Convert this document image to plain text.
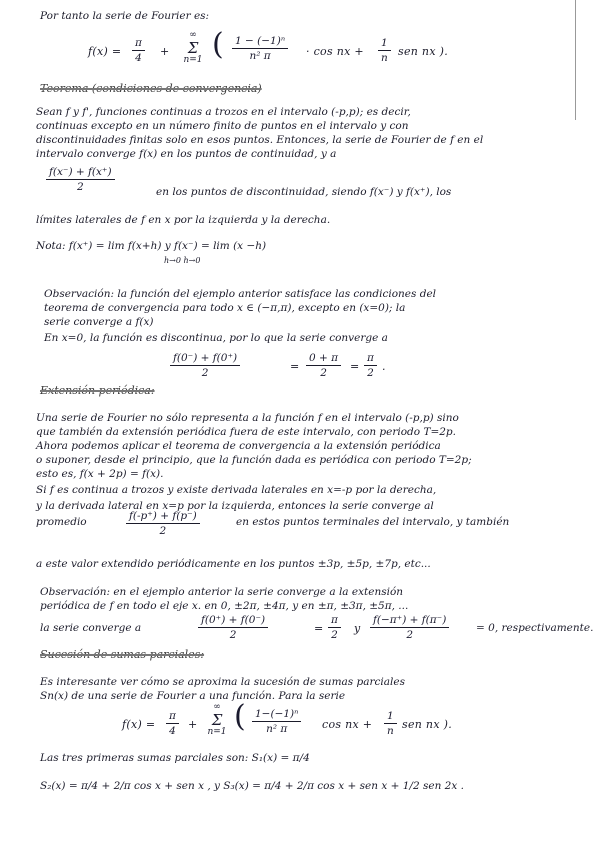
Por tanto la serie de Fourier es:
$f(x) = \frac{\pi}{4}$ +
∞
Σ
n=1 ( $\frac{\text{1 − (−1)ⁿ}}{\text{n² π}} \cdot \cos$ nx + $\frac{1}{n}$ sen nx ).
Teorema (condiciones de convergencia)
Sean f y f', funciones continuas a trozos en el intervalo (-p,p); es decir,
continuas excepto en un número finito de puntos en el intervalo y con
discontinuidades finitas solo en esos puntos. Entonces, la serie de Fourier de f en el
intervalo converge f(x) en los puntos de continuidad, y a
$\frac{f(x^-) + f(x^+)}{2}$	en los puntos de discontinuidad, siendo f(x⁻) y f(x⁺), los
límites laterales de f en x por la izquierda y la derecha.
Nota: f(x⁺) = lim f(x+h) y f(x⁻) = lim (x −h)
h→0 h→0
Observación: la función del ejemplo anterior satisface las condiciones del
teorema de convergencia para todo x ∈ (−π,π), excepto en (x=0); la
serie converge a f(x)
En x=0, la función es discontinua, por lo que la serie converge a
$\frac{f(0^-) + f(0^+)}{2}$	= $\frac{0 + \pi}{2} = \frac{\pi}{2}$ .
Extensión periódica:
Una serie de Fourier no sólo representa a la función f en el intervalo (-p,p) sino
que también da extensión periódica fuera de este intervalo, con periodo T=2p.
Ahora podemos aplicar el teorema de convergencia a la extensión periódica
o suponer, desde el principio, que la función dada es periódica con periodo T=2p;
esto es, f(x + 2p) = f(x).
Si f es continua a trozos y existe derivada laterales en x=-p por la derecha,
y la derivada lateral en x=p por la izquierda, entonces la serie converge al
promedio	$\frac{f(-p^+) + f(p^-)}{2}$	en estos puntos terminales del intervalo, y también
a este valor extendido periódicamente en los puntos ±3p, ±5p, ±7p, etc...
Observación: en el ejemplo anterior la serie converge a la extensión
periódica de f en todo el eje x. en 0, ±2π, ±4π, y en ±π, ±3π, ±5π, ...
la serie converge a	$\frac{f(0^+) + f(0^-)}{2}$	= $\frac{\pi}{2}$ y $\frac{f(-\pi^+) + f(\pi^-)}{2}$	= 0, respectivamente.
Sucesión de sumas parciales:
Es interesante ver cómo se aproxima la sucesión de sumas parciales
Sn(x) de una serie de Fourier a una función. Para la serie
$f(x) = \frac{\pi}{4}$ +
∞
Σ
n=1 ( $\frac{\text{1−(−1)ⁿ}}{\text{n² π}}$ cos nx + $\frac{1}{n}$ sen nx ).
Las tres primeras sumas parciales son: S₁(x) = π/4
S₂(x) = π/4 + 2/π cos x + sen x , y S₃(x) = π/4 + 2/π cos x + sen x + 1/2 sen 2x .
